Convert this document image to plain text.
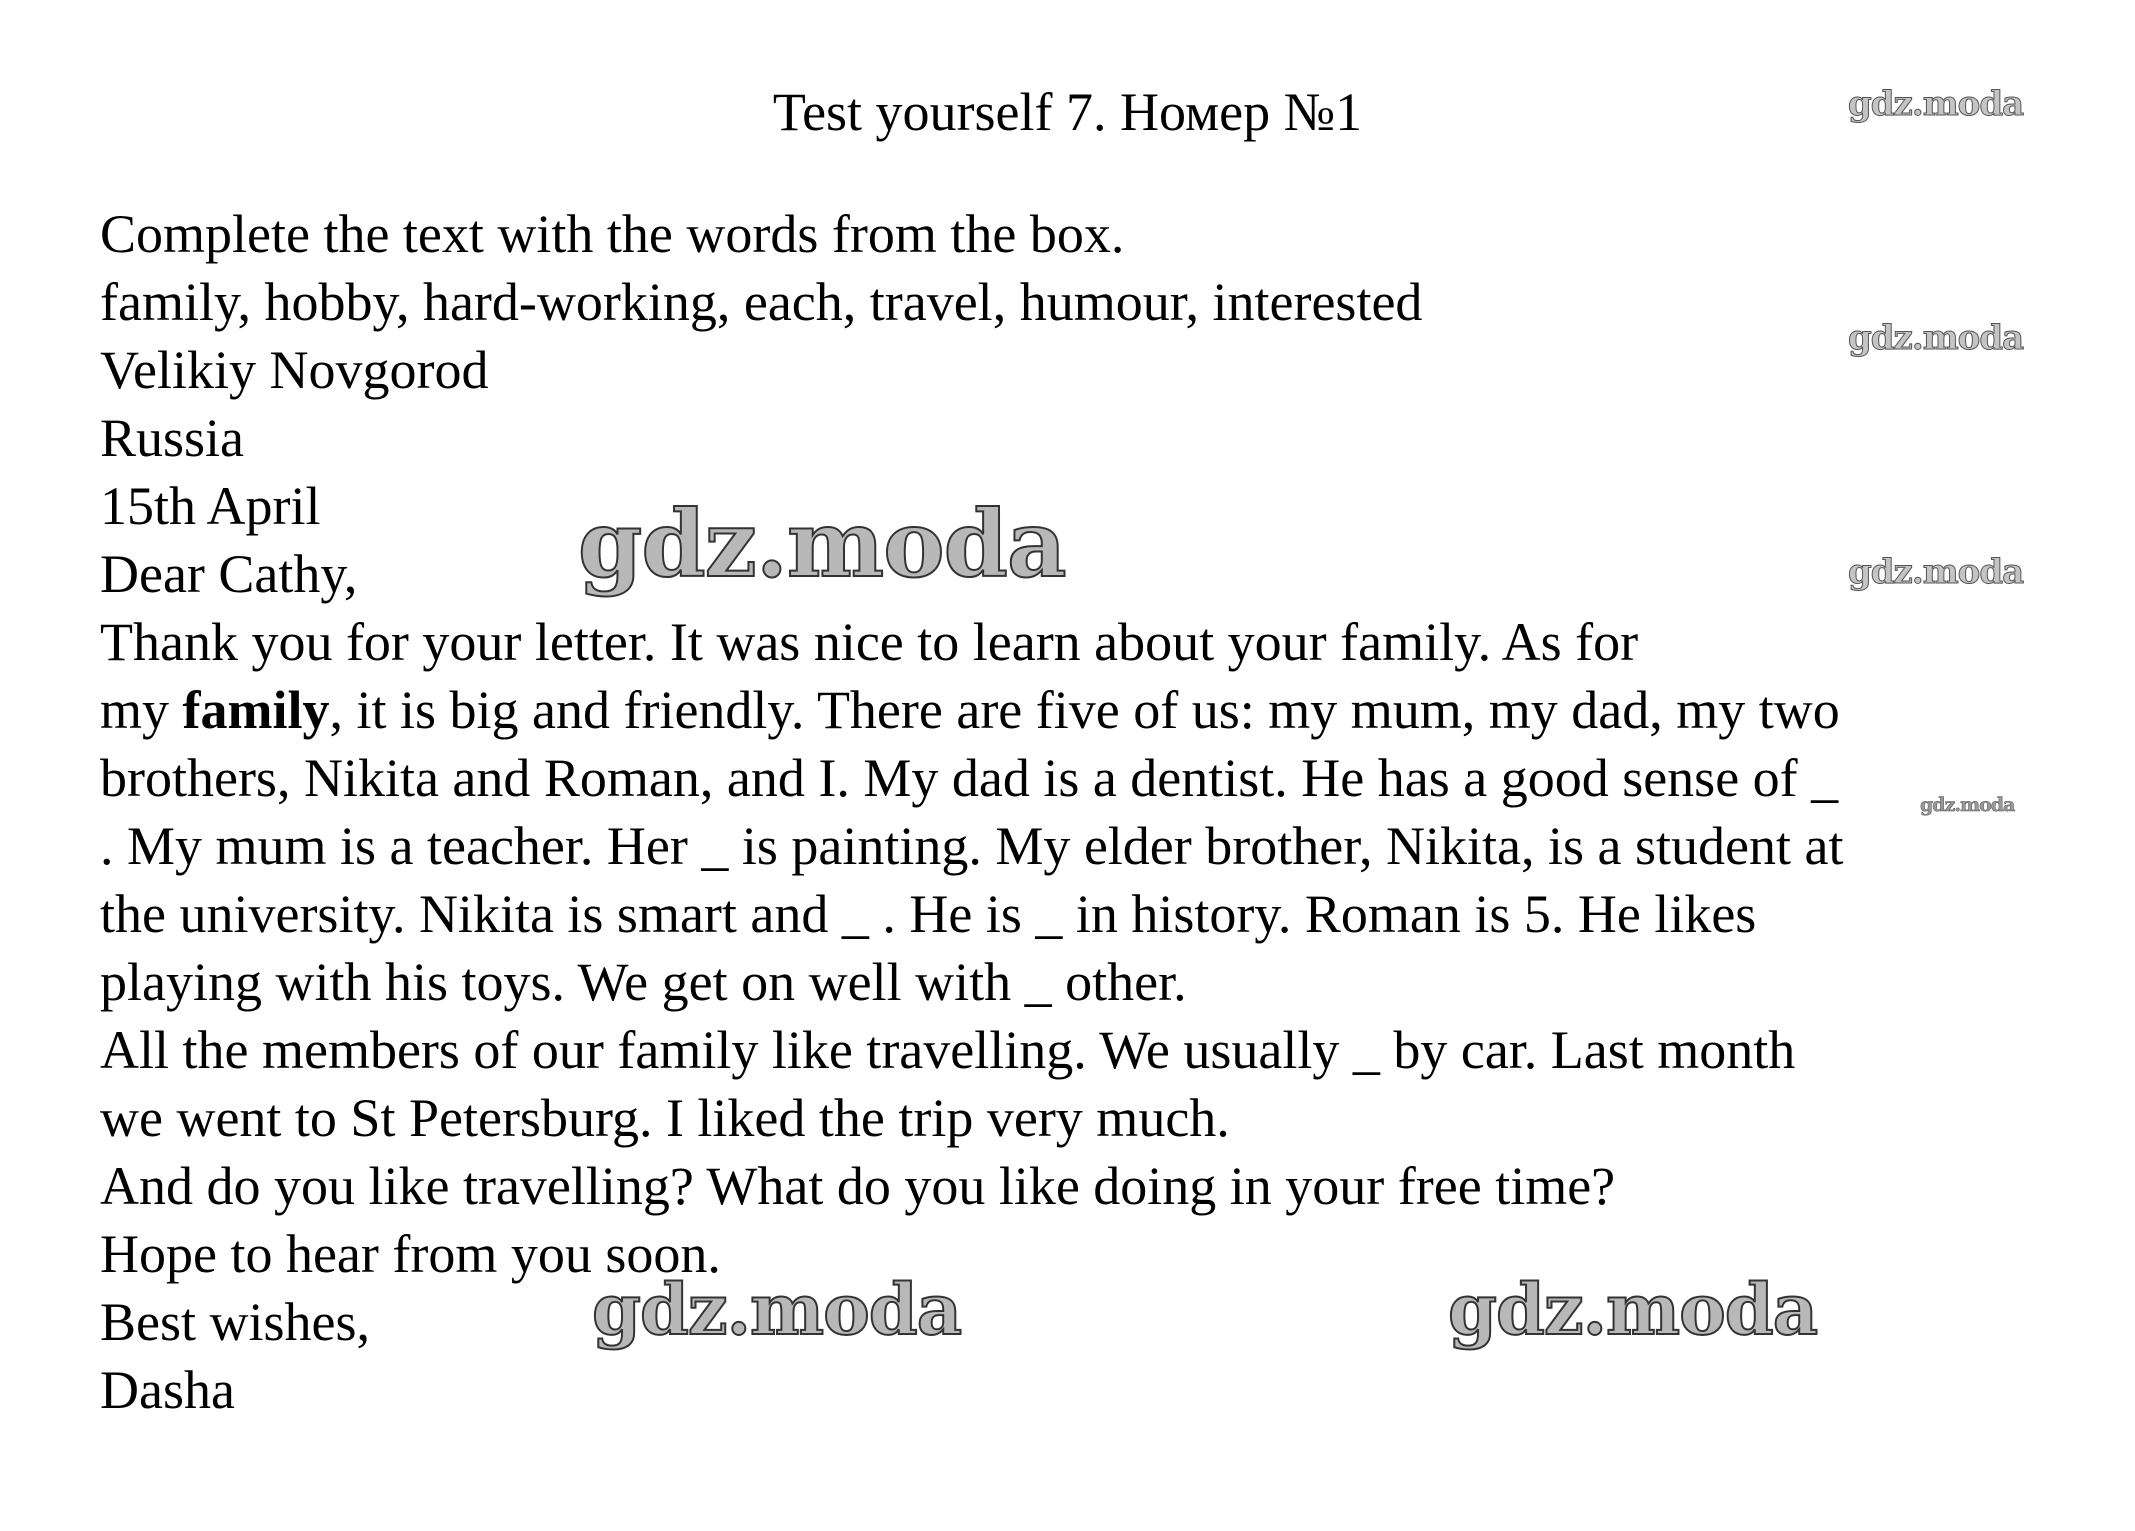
Test yourself 7. Номер №1
Complete the text with the words from the box.
family, hobby, hard-working, each, travel, humour, interested
Velikiy Novgorod
Russia
15th April
Dear Cathy,
Thank you for your letter. It was nice to learn about your family. As for
my family, it is big and friendly. There are five of us: my mum, my dad, my two
brothers, Nikita and Roman, and I. My dad is a dentist. He has a good sense of _
. My mum is a teacher. Her _ is painting. My elder brother, Nikita, is a student at
the university. Nikita is smart and _ . He is _ in history. Roman is 5. He likes
playing with his toys. We get on well with _ other.
All the members of our family like travelling. We usually _ by car. Last month
we went to St Petersburg. I liked the trip very much.
And do you like travelling? What do you like doing in your free time?
Hope to hear from you soon.
Best wishes,
Dasha
gdz.moda
gdz.moda
gdz.moda
gdz.moda
gdz.moda
gdz.moda	gdz.moda
